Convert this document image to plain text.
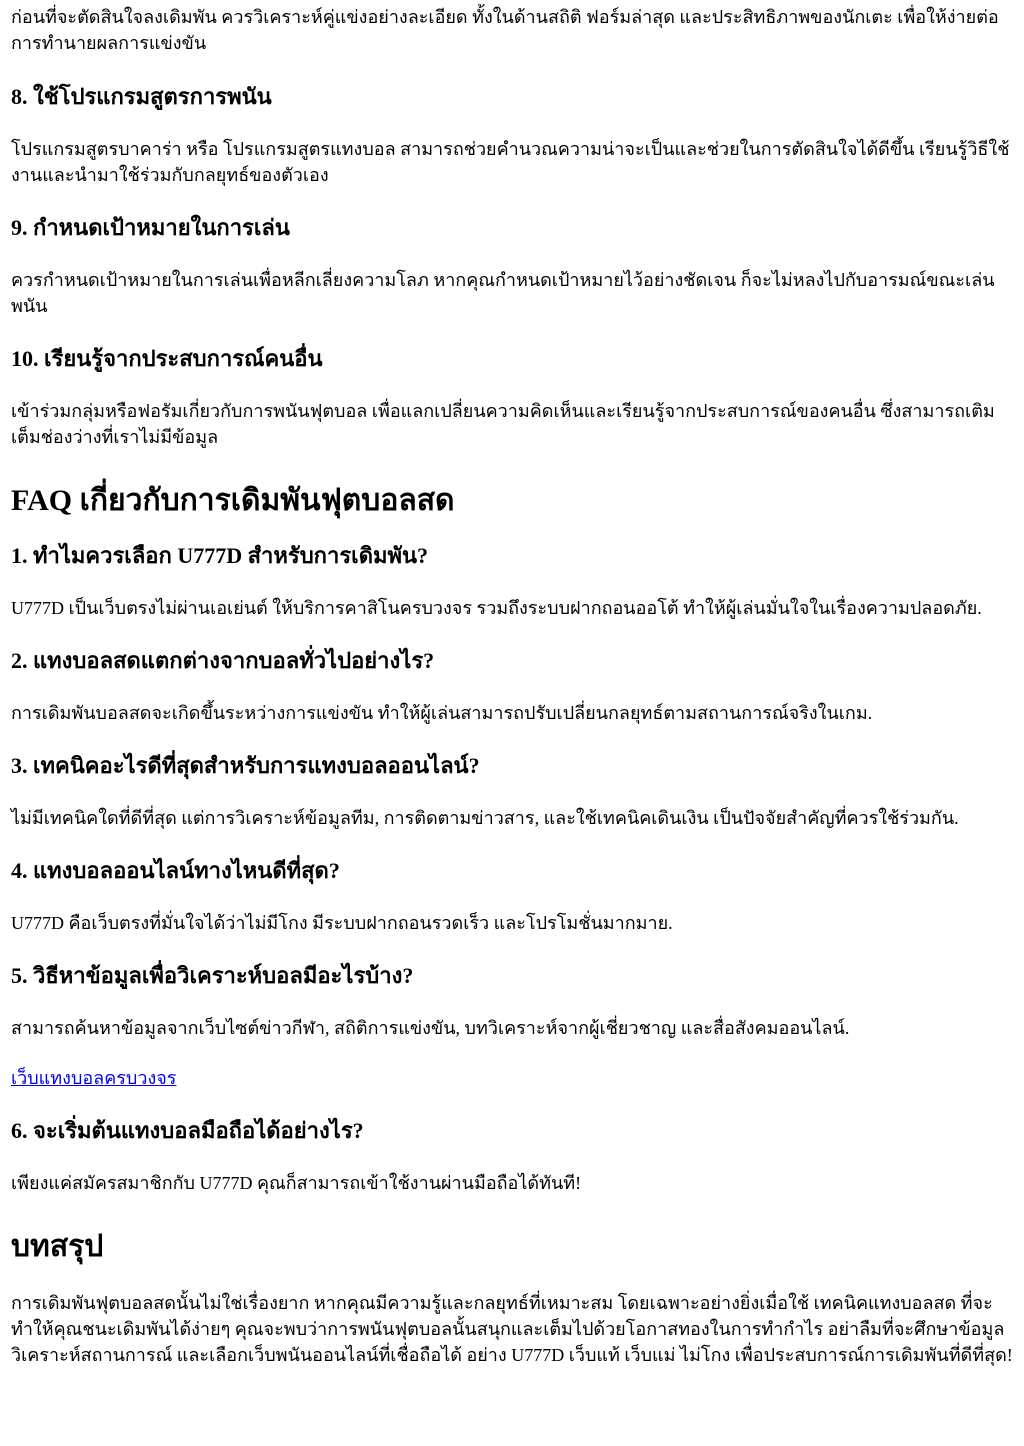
ก่อนที่จะตัดสินใจลงเดิมพัน ควรวิเคราะห์คู่แข่งอย่างละเอียด ทั้งในด้านสถิติ ฟอร์มล่าสุด และประสิทธิภาพของนักเตะ เพื่อให้ง่ายต่อการทำนายผลการแข่งขัน

8. ใช้โปรแกรมสูตรการพนัน

โปรแกรมสูตรบาคาร่า หรือ โปรแกรมสูตรแทงบอล สามารถช่วยคำนวณความน่าจะเป็นและช่วยในการตัดสินใจได้ดีขึ้น เรียนรู้วิธีใช้งานและนำมาใช้ร่วมกับกลยุทธ์ของตัวเอง

9. กำหนดเป้าหมายในการเล่น

ควรกำหนดเป้าหมายในการเล่นเพื่อหลีกเลี่ยงความโลภ หากคุณกำหนดเป้าหมายไว้อย่างชัดเจน ก็จะไม่หลงไปกับอารมณ์ขณะเล่นพนัน

10. เรียนรู้จากประสบการณ์คนอื่น

เข้าร่วมกลุ่มหรือฟอรัมเกี่ยวกับการพนันฟุตบอล เพื่อแลกเปลี่ยนความคิดเห็นและเรียนรู้จากประสบการณ์ของคนอื่น ซึ่งสามารถเติมเต็มช่องว่างที่เราไม่มีข้อมูล

FAQ เกี่ยวกับการเดิมพันฟุตบอลสด
1. ทำไมควรเลือก U777D สำหรับการเดิมพัน?

U777D เป็นเว็บตรงไม่ผ่านเอเย่นต์ ให้บริการคาสิโนครบวงจร รวมถึงระบบฝากถอนออโต้ ทำให้ผู้เล่นมั่นใจในเรื่องความปลอดภัย.

2. แทงบอลสดแตกต่างจากบอลทั่วไปอย่างไร?

การเดิมพันบอลสดจะเกิดขึ้นระหว่างการแข่งขัน ทำให้ผู้เล่นสามารถปรับเปลี่ยนกลยุทธ์ตามสถานการณ์จริงในเกม.

3. เทคนิคอะไรดีที่สุดสำหรับการแทงบอลออนไลน์?

ไม่มีเทคนิคใดที่ดีที่สุด แต่การวิเคราะห์ข้อมูลทีม, การติดตามข่าวสาร, และใช้เทคนิคเดินเงิน เป็นปัจจัยสำคัญที่ควรใช้ร่วมกัน.

4. แทงบอลออนไลน์ทางไหนดีที่สุด?

U777D คือเว็บตรงที่มั่นใจได้ว่าไม่มีโกง มีระบบฝากถอนรวดเร็ว และโปรโมชั่นมากมาย.

5. วิธีหาข้อมูลเพื่อวิเคราะห์บอลมีอะไรบ้าง?

สามารถค้นหาข้อมูลจากเว็บไซต์ข่าวกีฬา, สถิติการแข่งขัน, บทวิเคราะห์จากผู้เชี่ยวชาญ และสื่อสังคมออนไลน์.

เว็บแทงบอลครบวงจร

6. จะเริ่มต้นแทงบอลมือถือได้อย่างไร?

เพียงแค่สมัครสมาชิกกับ U777D คุณก็สามารถเข้าใช้งานผ่านมือถือได้ทันที!

บทสรุป

การเดิมพันฟุตบอลสดนั้นไม่ใช่เรื่องยาก หากคุณมีความรู้และกลยุทธ์ที่เหมาะสม โดยเฉพาะอย่างยิ่งเมื่อใช้ เทคนิคแทงบอลสด ที่จะทำให้คุณชนะเดิมพันได้ง่ายๆ คุณจะพบว่าการพนันฟุตบอลนั้นสนุกและเต็มไปด้วยโอกาสทองในการทำกำไร อย่าลืมที่จะศึกษาข้อมูล วิเคราะห์สถานการณ์ และเลือกเว็บพนันออนไลน์ที่เชื่อถือได้ อย่าง U777D เว็บแท้ เว็บแม่ ไม่โกง เพื่อประสบการณ์การเดิมพันที่ดีที่สุด!
